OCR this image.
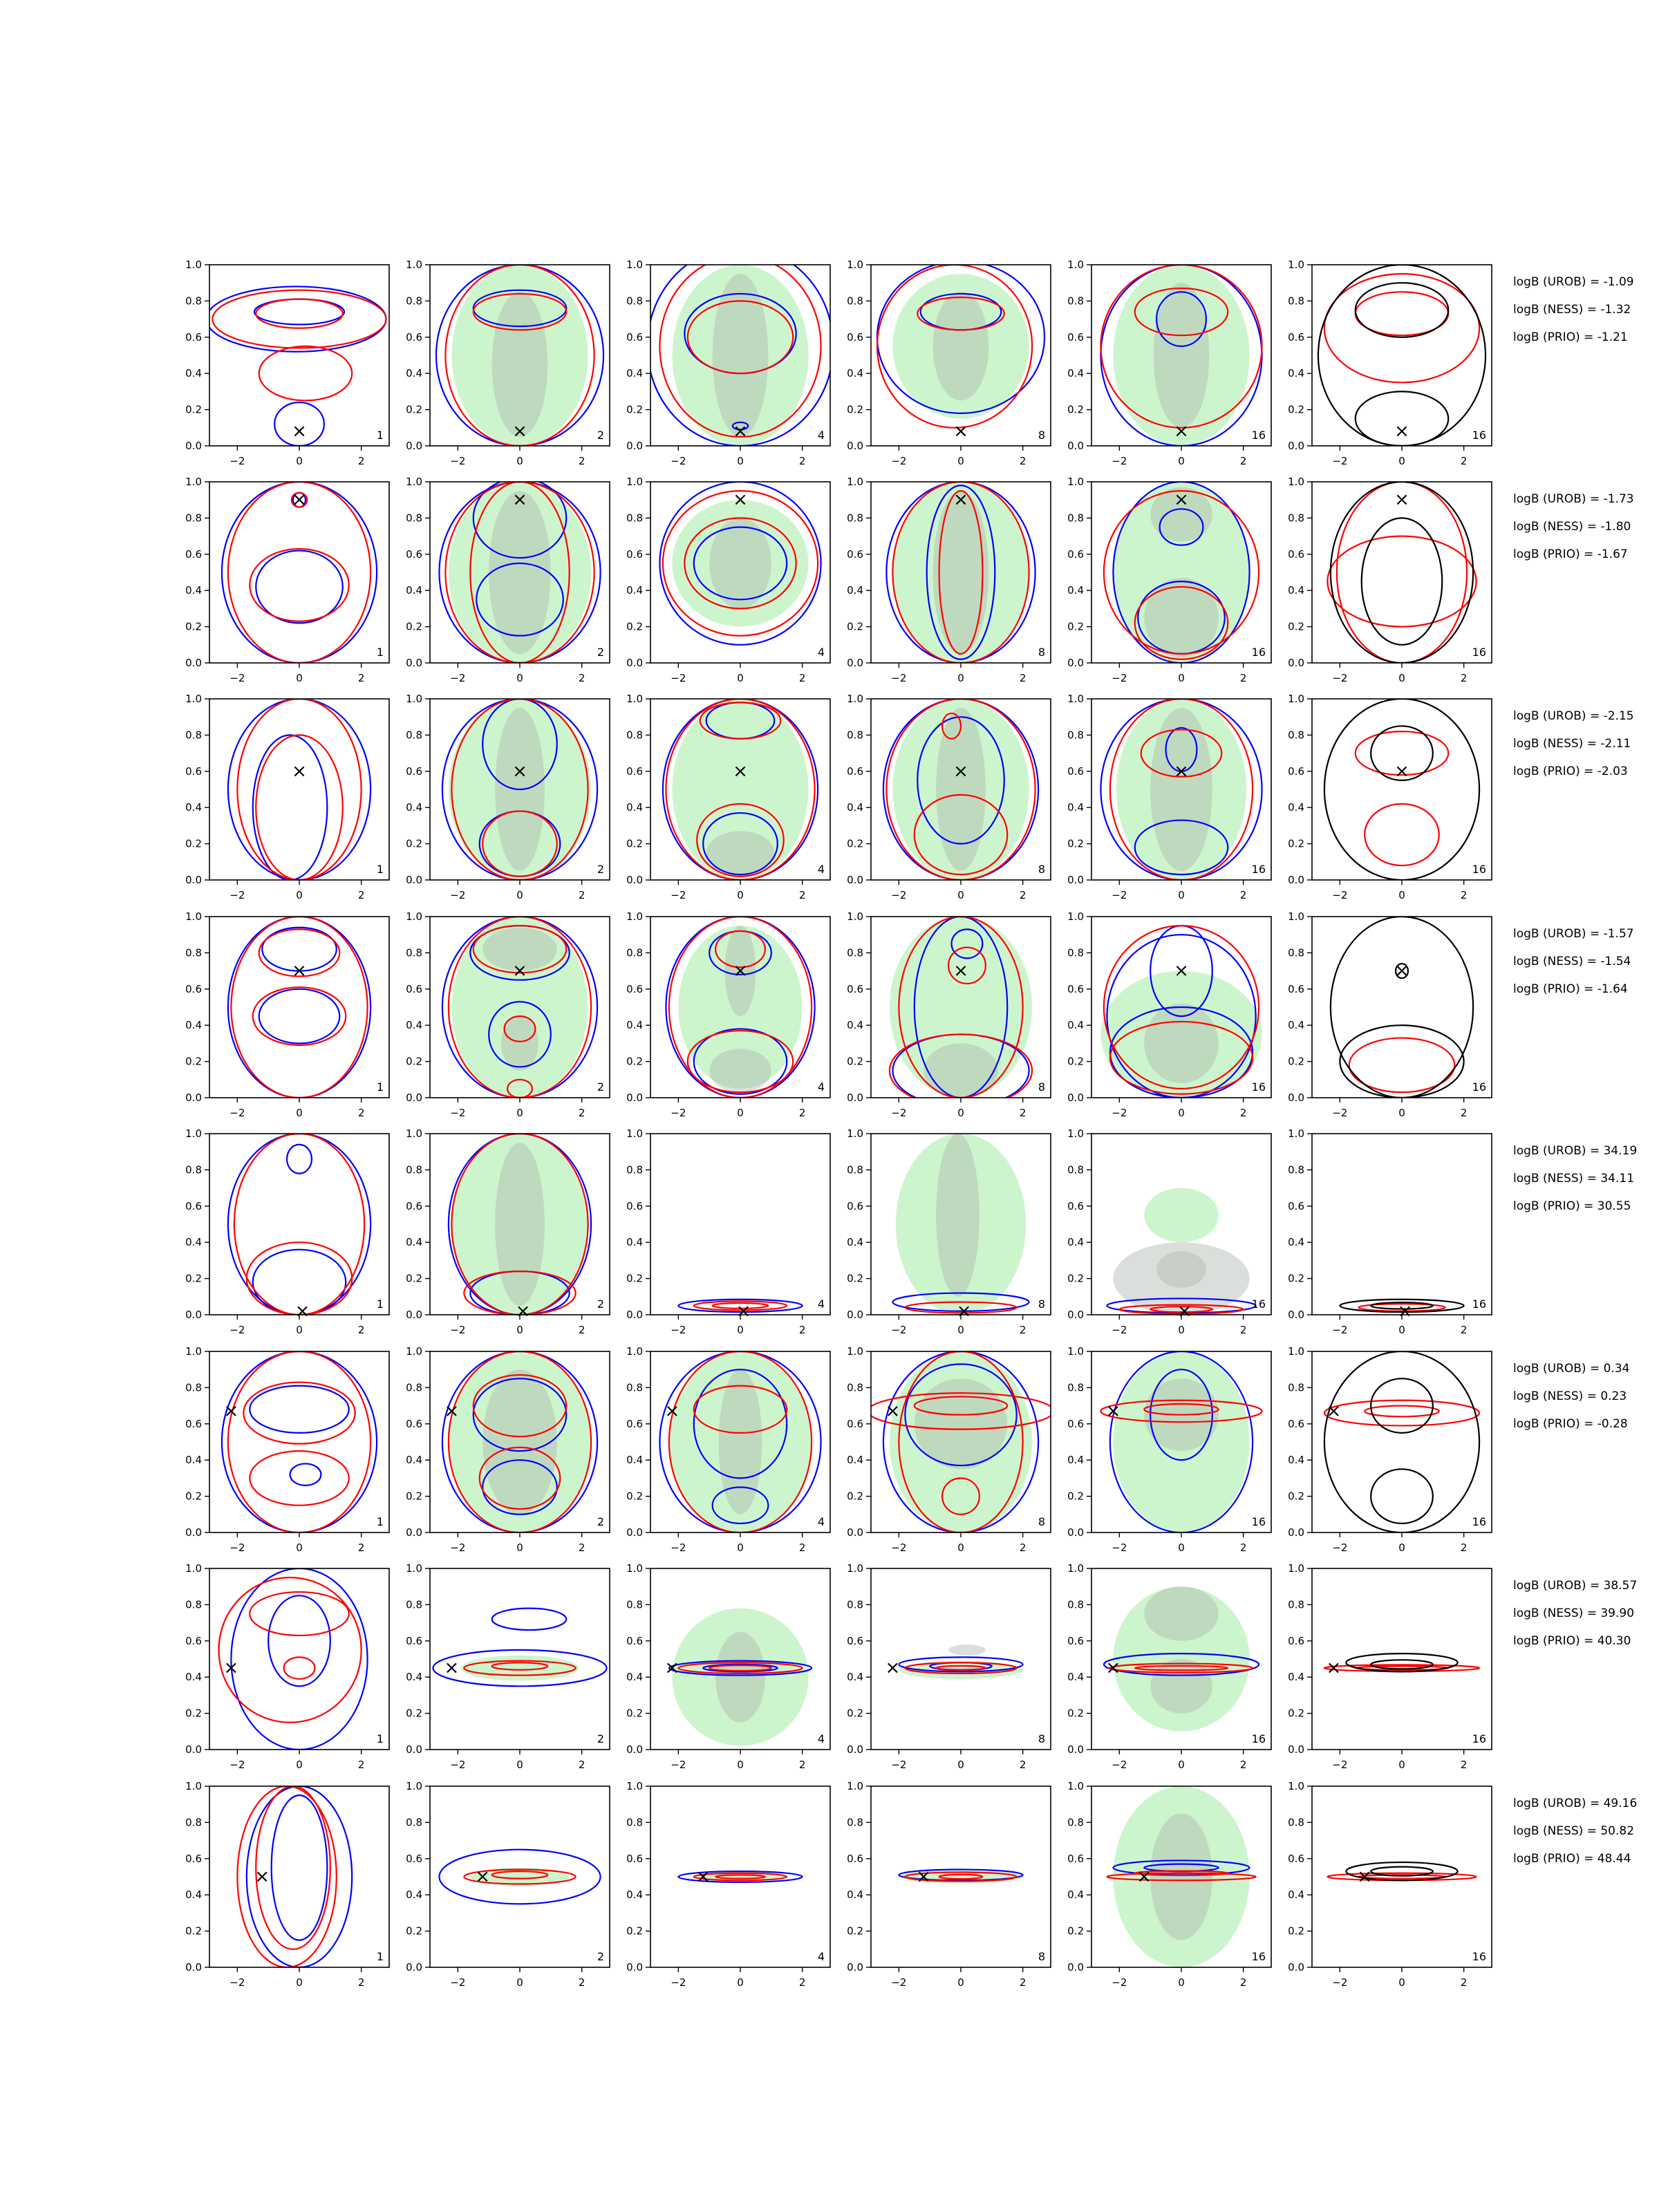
×
−2	0	2
0.0
0.2
0.4
0.6
0.8
1.0
1	×
−2	0	2
0.0
0.2
0.4
0.6
0.8
1.0
2	×
−2	0	2
0.0
0.2
0.4
0.6
0.8
1.0
4	×
−2	0	2
0.0
0.2
0.4
0.6
0.8
1.0
8	×
−2	0	2
0.0
0.2
0.4
0.6
0.8
1.0
16	×
−2	0	2
0.0
0.2
0.4
0.6
0.8
1.0
16
logB (UROB) = -1.09
logB (NESS) = -1.32
logB (PRIO) = -1.21
×
−2	0	2
0.0
0.2
0.4
0.6
0.8
1.0
1
×
−2	0	2
0.0
0.2
0.4
0.6
0.8
1.0
2
×
−2	0	2
0.0
0.2
0.4
0.6
0.8
1.0
4
×
−2	0	2
0.0
0.2
0.4
0.6
0.8
1.0
8
×
−2	0	2
0.0
0.2
0.4
0.6
0.8
1.0
16
×
−2	0	2
0.0
0.2
0.4
0.6
0.8
1.0
16
logB (UROB) = -1.73
logB (NESS) = -1.80
logB (PRIO) = -1.67
×
−2	0	2
0.0
0.2
0.4
0.6
0.8
1.0
1
×
−2	0	2
0.0
0.2
0.4
0.6
0.8
1.0
2
×
−2	0	2
0.0
0.2
0.4
0.6
0.8
1.0
4
×
−2	0	2
0.0
0.2
0.4
0.6
0.8
1.0
8
×
−2	0	2
0.0
0.2
0.4
0.6
0.8
1.0
16
×
−2	0	2
0.0
0.2
0.4
0.6
0.8
1.0
16
logB (UROB) = -2.15
logB (NESS) = -2.11
logB (PRIO) = -2.03
×
−2	0	2
0.0
0.2
0.4
0.6
0.8
1.0
1
×
−2	0	2
0.0
0.2
0.4
0.6
0.8
1.0
2
×
−2	0	2
0.0
0.2
0.4
0.6
0.8
1.0
4
×
−2	0	2
0.0
0.2
0.4
0.6
0.8
1.0
8
×
−2	0	2
0.0
0.2
0.4
0.6
0.8
1.0
16
×
−2	0	2
0.0
0.2
0.4
0.6
0.8
1.0
16
logB (UROB) = -1.57
logB (NESS) = -1.54
logB (PRIO) = -1.64
×
−2	0	2
0.0
0.2
0.4
0.6
0.8
1.0
1	×
−2	0	2
0.0
0.2
0.4
0.6
0.8
1.0
2	×
−2	0	2
0.0
0.2
0.4
0.6
0.8
1.0
4	×
−2	0	2
0.0
0.2
0.4
0.6
0.8
1.0
8	×
−2	0	2
0.0
0.2
0.4
0.6
0.8
1.0
16	×
−2	0	2
0.0
0.2
0.4
0.6
0.8
1.0
16
logB (UROB) = 34.19
logB (NESS) = 34.11
logB (PRIO) = 30.55
×
−2	0	2
0.0
0.2
0.4
0.6
0.8
1.0
1
×
−2	0	2
0.0
0.2
0.4
0.6
0.8
1.0
2
×
−2	0	2
0.0
0.2
0.4
0.6
0.8
1.0
4
×
−2	0	2
0.0
0.2
0.4
0.6
0.8
1.0
8
×
−2	0	2
0.0
0.2
0.4
0.6
0.8
1.0
16
×
−2	0	2
0.0
0.2
0.4
0.6
0.8
1.0
16
logB (UROB) = 0.34
logB (NESS) = 0.23
logB (PRIO) = -0.28
×
−2	0	2
0.0
0.2
0.4
0.6
0.8
1.0
1
×
−2	0	2
0.0
0.2
0.4
0.6
0.8
1.0
2
×
−2	0	2
0.0
0.2
0.4
0.6
0.8
1.0
4
×
−2	0	2
0.0
0.2
0.4
0.6
0.8
1.0
8
×
−2	0	2
0.0
0.2
0.4
0.6
0.8
1.0
16
×
−2	0	2
0.0
0.2
0.4
0.6
0.8
1.0
16
logB (UROB) = 38.57
logB (NESS) = 39.90
logB (PRIO) = 40.30
×
−2	0	2
0.0
0.2
0.4
0.6
0.8
1.0
1
×
−2	0	2
0.0
0.2
0.4
0.6
0.8
1.0
2
×
−2	0	2
0.0
0.2
0.4
0.6
0.8
1.0
4
×
−2	0	2
0.0
0.2
0.4
0.6
0.8
1.0
8
×
−2	0	2
0.0
0.2
0.4
0.6
0.8
1.0
16
×
−2	0	2
0.0
0.2
0.4
0.6
0.8
1.0
16
logB (UROB) = 49.16
logB (NESS) = 50.82
logB (PRIO) = 48.44
